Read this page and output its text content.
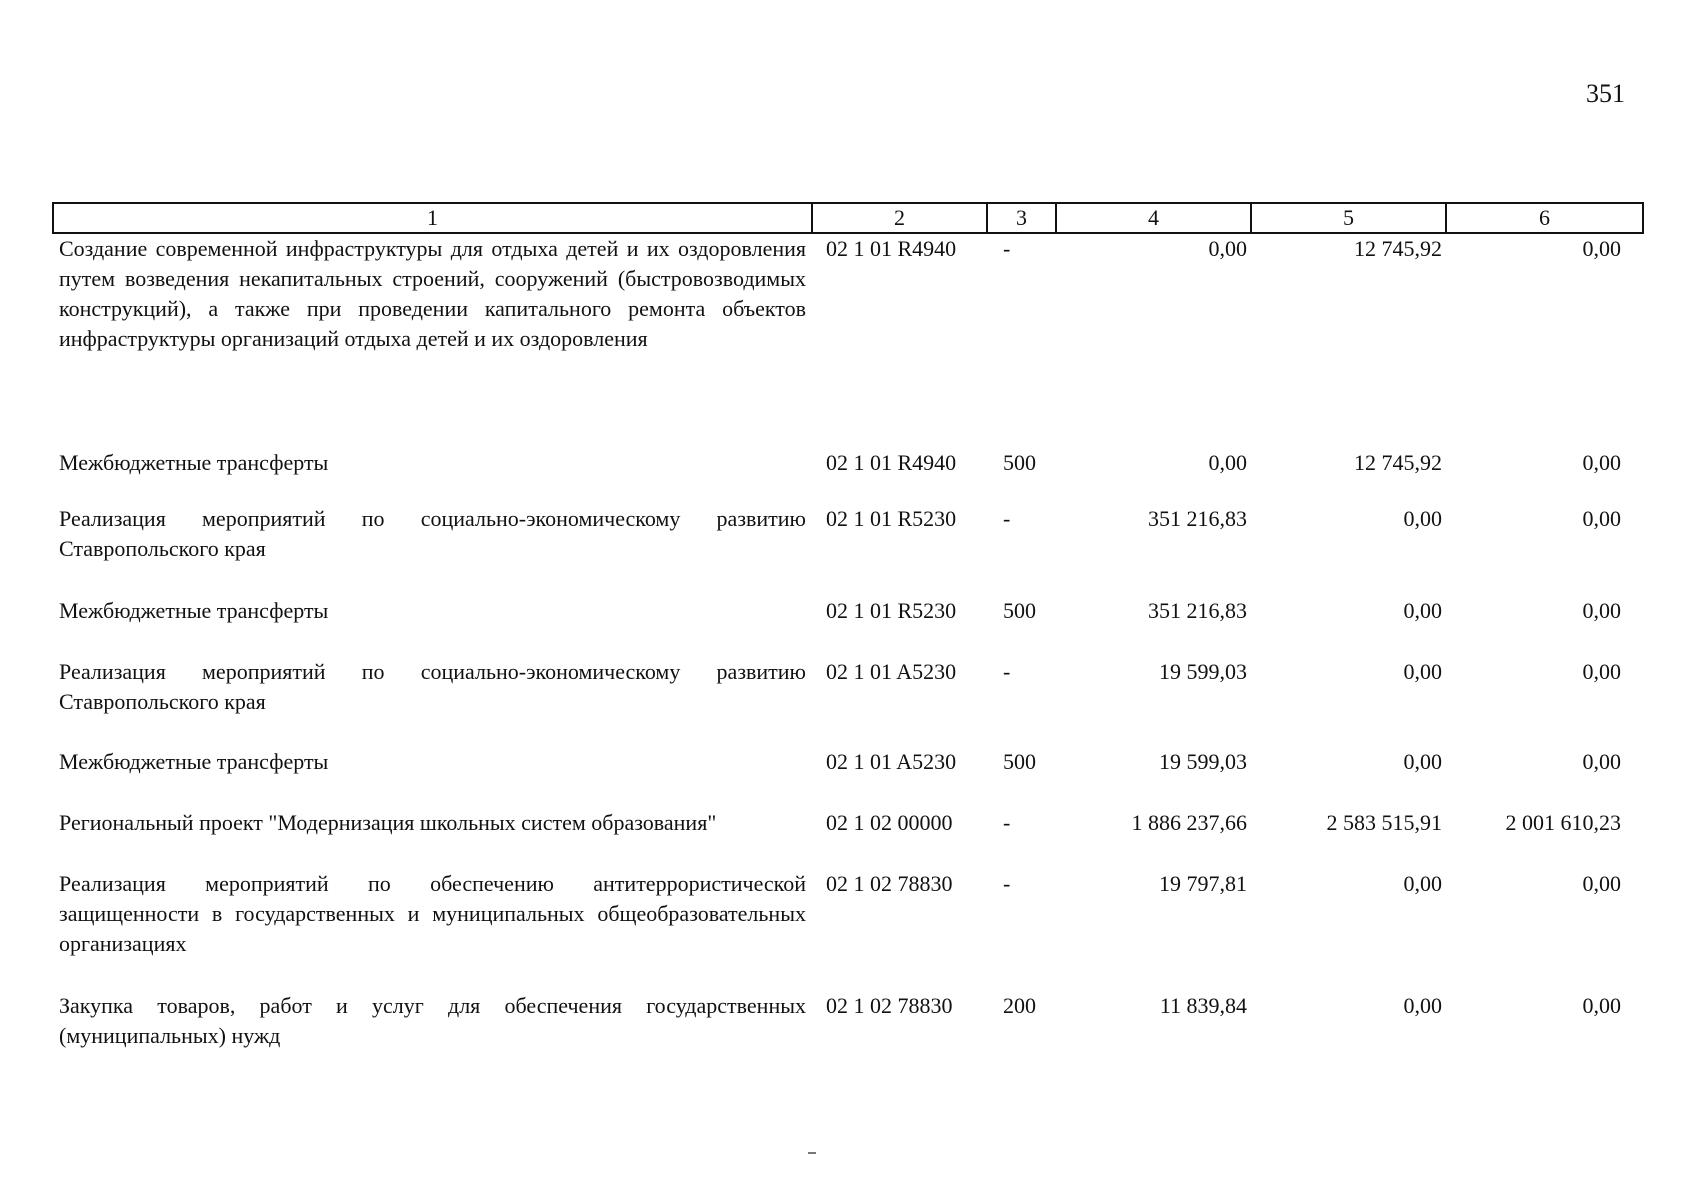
351
1	2	3	4	5	6
Создание современной инфраструктуры для отдыха детей и их оздоровления путем возведения некапитальных строений, сооружений (быстровозводимых конструкций), а также при проведении капитального ремонта объектов инфраструктуры организаций отдыха детей и их оздоровления	02 1 01 R4940	-	0,00	12 745,92	0,00
Межбюджетные трансферты	02 1 01 R4940	500	0,00	12 745,92	0,00
Реализация мероприятий по социально-экономическому развитию Ставропольского края	02 1 01 R5230	-	351 216,83	0,00	0,00
Межбюджетные трансферты	02 1 01 R5230	500	351 216,83	0,00	0,00
Реализация мероприятий по социально-экономическому развитию Ставропольского края	02 1 01 A5230	-	19 599,03	0,00	0,00
Межбюджетные трансферты	02 1 01 A5230	500	19 599,03	0,00	0,00
Региональный проект "Модернизация школьных систем образования"	02 1 02 00000	-	1 886 237,66	2 583 515,91	2 001 610,23
Реализация мероприятий по обеспечению антитеррористической защищенности в государственных и муниципальных общеобразовательных организациях	02 1 02 78830	-	19 797,81	0,00	0,00
Закупка товаров, работ и услуг для обеспечения государственных (муниципальных) нужд	02 1 02 78830	200	11 839,84	0,00	0,00
